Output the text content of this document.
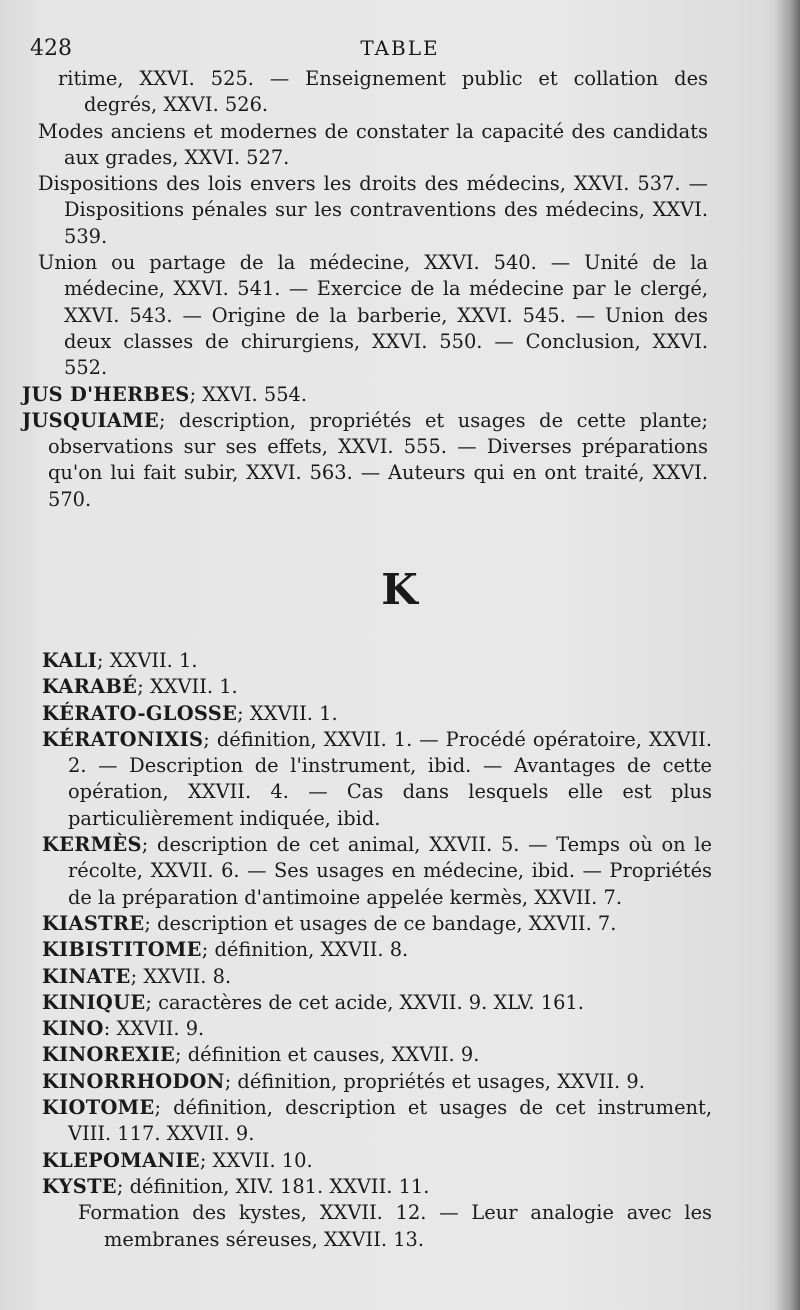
428	TABLE

ritime, XXVI. 525. — Enseignement public et collation des degrés, XXVI. 526.

Modes anciens et modernes de constater la capacité des candidats aux grades, XXVI. 527.

Dispositions des lois envers les droits des médecins, XXVI. 537. — Dispositions pénales sur les contraventions des médecins, XXVI. 539.

Union ou partage de la médecine, XXVI. 540. — Unité de la médecine, XXVI. 541. — Exercice de la médecine par le clergé, XXVI. 543. — Origine de la barberie, XXVI. 545. — Union des deux classes de chirurgiens, XXVI. 550. — Conclusion, XXVI. 552.

JUS D'HERBES; XXVI. 554.

JUSQUIAME; description, propriétés et usages de cette plante; observations sur ses effets, XXVI. 555. — Diverses préparations qu'on lui fait subir, XXVI. 563. — Auteurs qui en ont traité, XXVI. 570.

K

KALI; XXVII. 1.

KARABÉ; XXVII. 1.

KÉRATO-GLOSSE; XXVII. 1.

KÉRATONIXIS; définition, XXVII. 1. — Procédé opératoire, XXVII. 2. — Description de l'instrument, ibid. — Avantages de cette opération, XXVII. 4. — Cas dans lesquels elle est plus particulièrement indiquée, ibid.

KERMÈS; description de cet animal, XXVII. 5. — Temps où on le récolte, XXVII. 6. — Ses usages en médecine, ibid. — Propriétés de la préparation d'antimoine appelée kermès, XXVII. 7.

KIASTRE; description et usages de ce bandage, XXVII. 7.

KIBISTITOME; définition, XXVII. 8.

KINATE; XXVII. 8.

KINIQUE; caractères de cet acide, XXVII. 9. XLV. 161.

KINO: XXVII. 9.

KINOREXIE; définition et causes, XXVII. 9.

KINORRHODON; définition, propriétés et usages, XXVII. 9.

KIOTOME; définition, description et usages de cet instrument, VIII. 117. XXVII. 9.

KLEPOMANIE; XXVII. 10.

KYSTE; définition, XIV. 181. XXVII. 11.

Formation des kystes, XXVII. 12. — Leur analogie avec les membranes séreuses, XXVII. 13.
